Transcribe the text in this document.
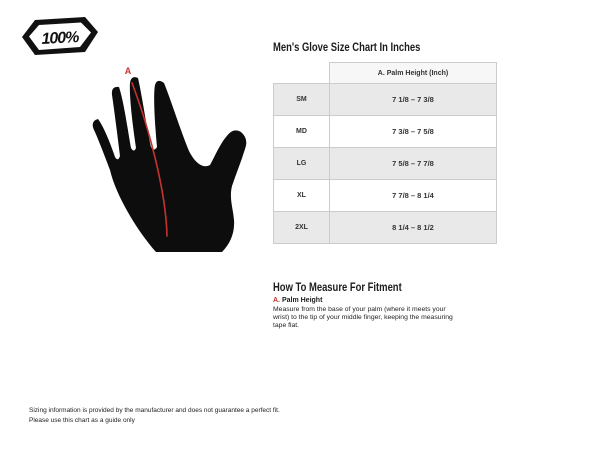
100%
A
Men's Glove Size Chart In Inches
	A. Palm Height (Inch)
SM	7 1/8 – 7 3/8
MD	7 3/8 – 7 5/8
LG	7 5/8 – 7 7/8
XL	7 7/8 – 8 1/4
2XL	8 1/4 – 8 1/2
How To Measure For Fitment
A. Palm Height
Measure from the base of your palm (where it meets your wrist) to the tip of your middle finger, keeping the measuring tape flat.
Sizing information is provided by the manufacturer and does not guarantee a perfect fit.
Please use this chart as a guide only
